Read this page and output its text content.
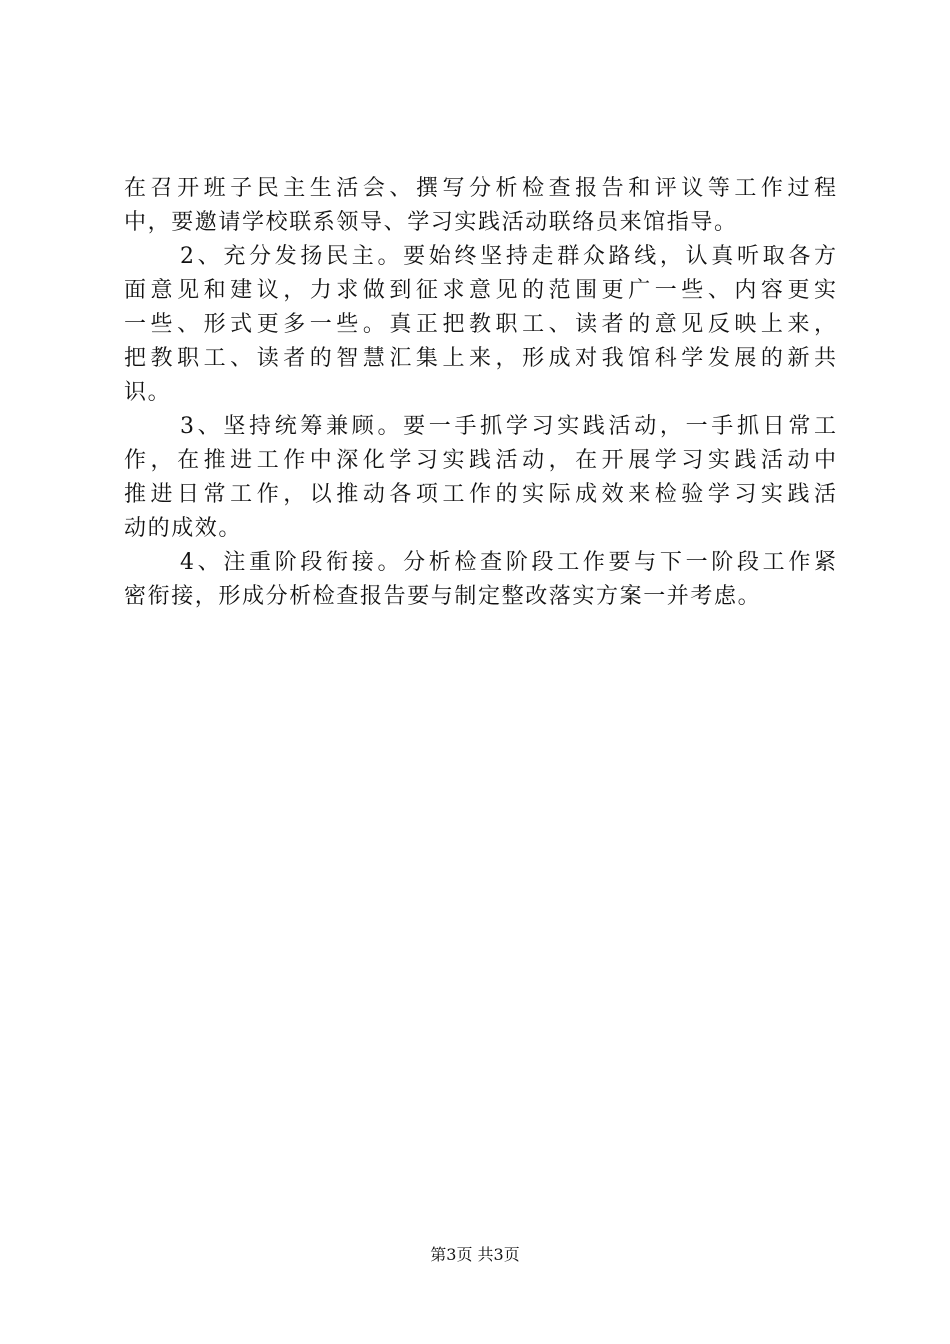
在召开班子民主生活会、撰写分析检查报告和评议等工作过程
中，要邀请学校联系领导、学习实践活动联络员来馆指导。
2、充分发扬民主。要始终坚持走群众路线，认真听取各方
面意见和建议，力求做到征求意见的范围更广一些、内容更实
一些、形式更多一些。真正把教职工、读者的意见反映上来，
把教职工、读者的智慧汇集上来，形成对我馆科学发展的新共
识。
3、坚持统筹兼顾。要一手抓学习实践活动，一手抓日常工
作，在推进工作中深化学习实践活动，在开展学习实践活动中
推进日常工作，以推动各项工作的实际成效来检验学习实践活
动的成效。
4、注重阶段衔接。分析检查阶段工作要与下一阶段工作紧
密衔接，形成分析检查报告要与制定整改落实方案一并考虑。
第3页 共3页
